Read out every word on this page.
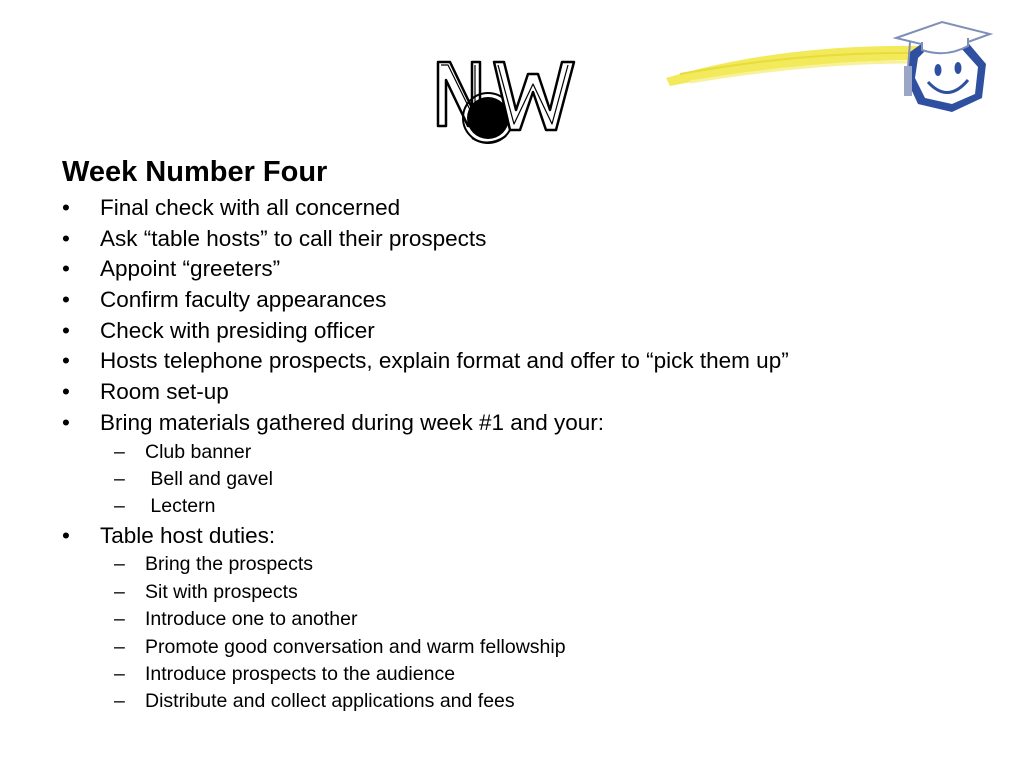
Week Number Four
• Final check with all concerned
• Ask “table hosts” to call their prospects
• Appoint “greeters”
• Confirm faculty appearances
• Check with presiding officer
• Hosts telephone prospects, explain format and offer to “pick them up”
• Room set-up
• Bring materials gathered during week #1 and your:
– Club banner
– Bell and gavel
– Lectern
• Table host duties:
– Bring the prospects
– Sit with prospects
– Introduce one to another
– Promote good conversation and warm fellowship
– Introduce prospects to the audience
– Distribute and collect applications and fees
